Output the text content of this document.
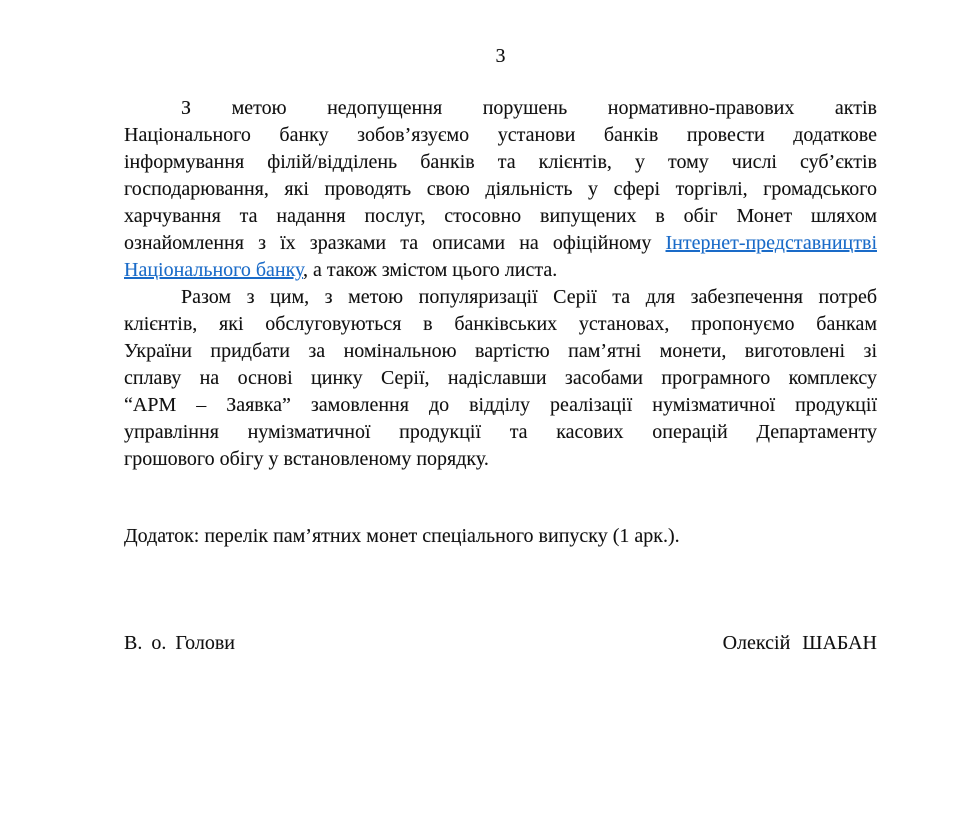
3
З метою недопущення порушень нормативно-правових актів
Національного банку зобов’язуємо установи банків провести додаткове
інформування філій/відділень банків та клієнтів, у тому числі суб’єктів
господарювання, які проводять свою діяльність у сфері торгівлі, громадського
харчування та надання послуг, стосовно випущених в обіг Монет шляхом
ознайомлення з їх зразками та описами на офіційному Інтернет-представництві
Національного банку, а також змістом цього листа.
Разом з цим, з метою популяризації Серії та для забезпечення потреб
клієнтів, які обслуговуються в банківських установах, пропонуємо банкам
України придбати за номінальною вартістю пам’ятні монети, виготовлені зі
сплаву на основі цинку Серії, надіславши засобами програмного комплексу
“АРМ – Заявка” замовлення до відділу реалізації нумізматичної продукції
управління нумізматичної продукції та касових операцій Департаменту
грошового обігу у встановленому порядку.
Додаток: перелік пам’ятних монет спеціального випуску (1 арк.).
В. о. Голови	Олексій ШАБАН
